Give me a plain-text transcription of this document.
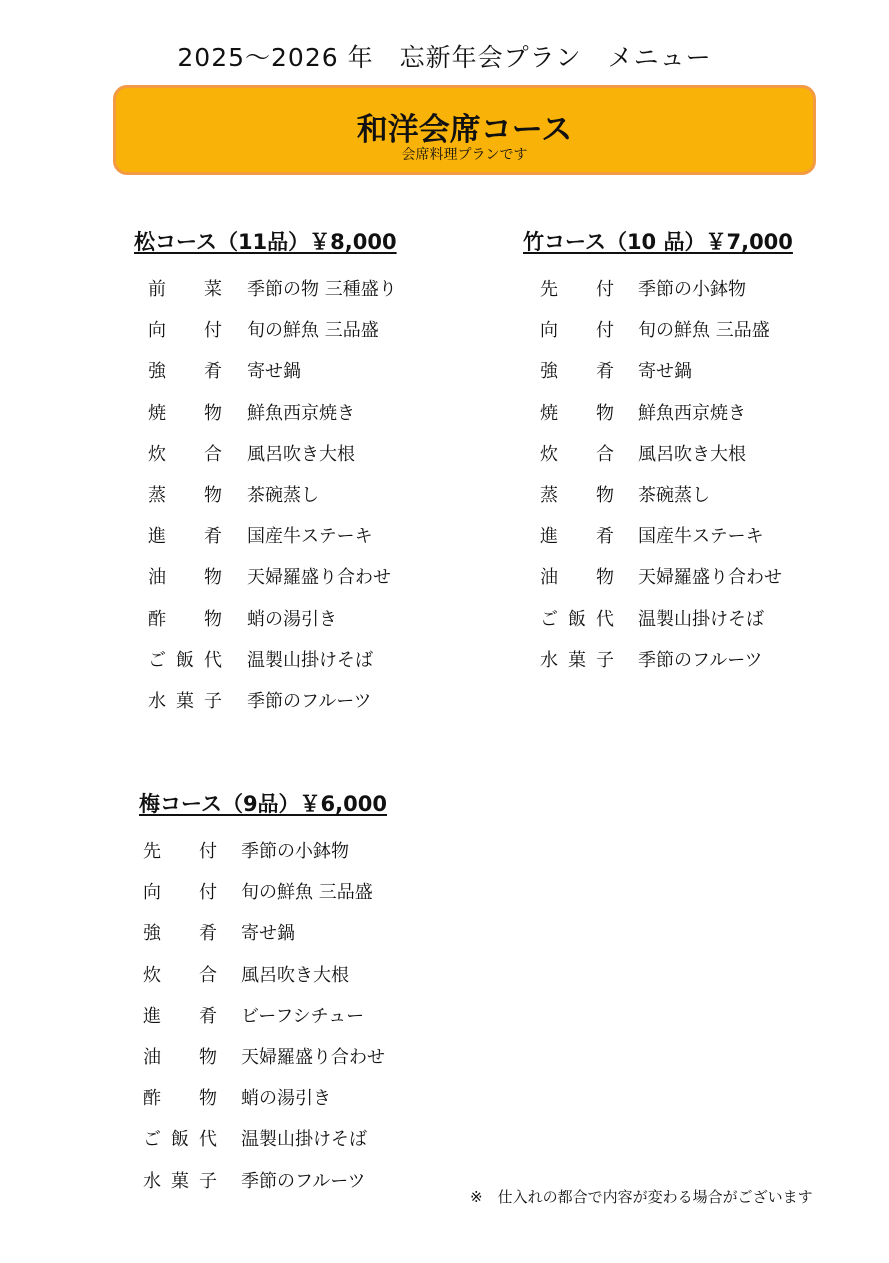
2025～2026 年　忘新年会プラン　メニュー
和洋会席コース
会席料理プランです
松コース（11品）￥8,000
前 菜 季節の物 三種盛り
向 付 旬の鮮魚 三品盛
強 肴 寄せ鍋
焼 物 鮮魚西京焼き
炊 合 風呂吹き大根
蒸 物 茶碗蒸し
進 肴 国産牛ステーキ
油 物 天婦羅盛り合わせ
酢 物 蛸の湯引き
ご 飯 代 温製山掛けそば
水 菓 子 季節のフルーツ
竹コース（10 品）￥7,000
先 付 季節の小鉢物
向 付 旬の鮮魚 三品盛
強 肴 寄せ鍋
焼 物 鮮魚西京焼き
炊 合 風呂吹き大根
蒸 物 茶碗蒸し
進 肴 国産牛ステーキ
油 物 天婦羅盛り合わせ
ご 飯 代 温製山掛けそば
水 菓 子 季節のフルーツ
梅コース（9品）￥6,000
先 付 季節の小鉢物
向 付 旬の鮮魚 三品盛
強 肴 寄せ鍋
炊 合 風呂吹き大根
進 肴 ビーフシチュー
油 物 天婦羅盛り合わせ
酢 物 蛸の湯引き
ご 飯 代 温製山掛けそば
水 菓 子 季節のフルーツ
※　仕入れの都合で内容が変わる場合がございます
